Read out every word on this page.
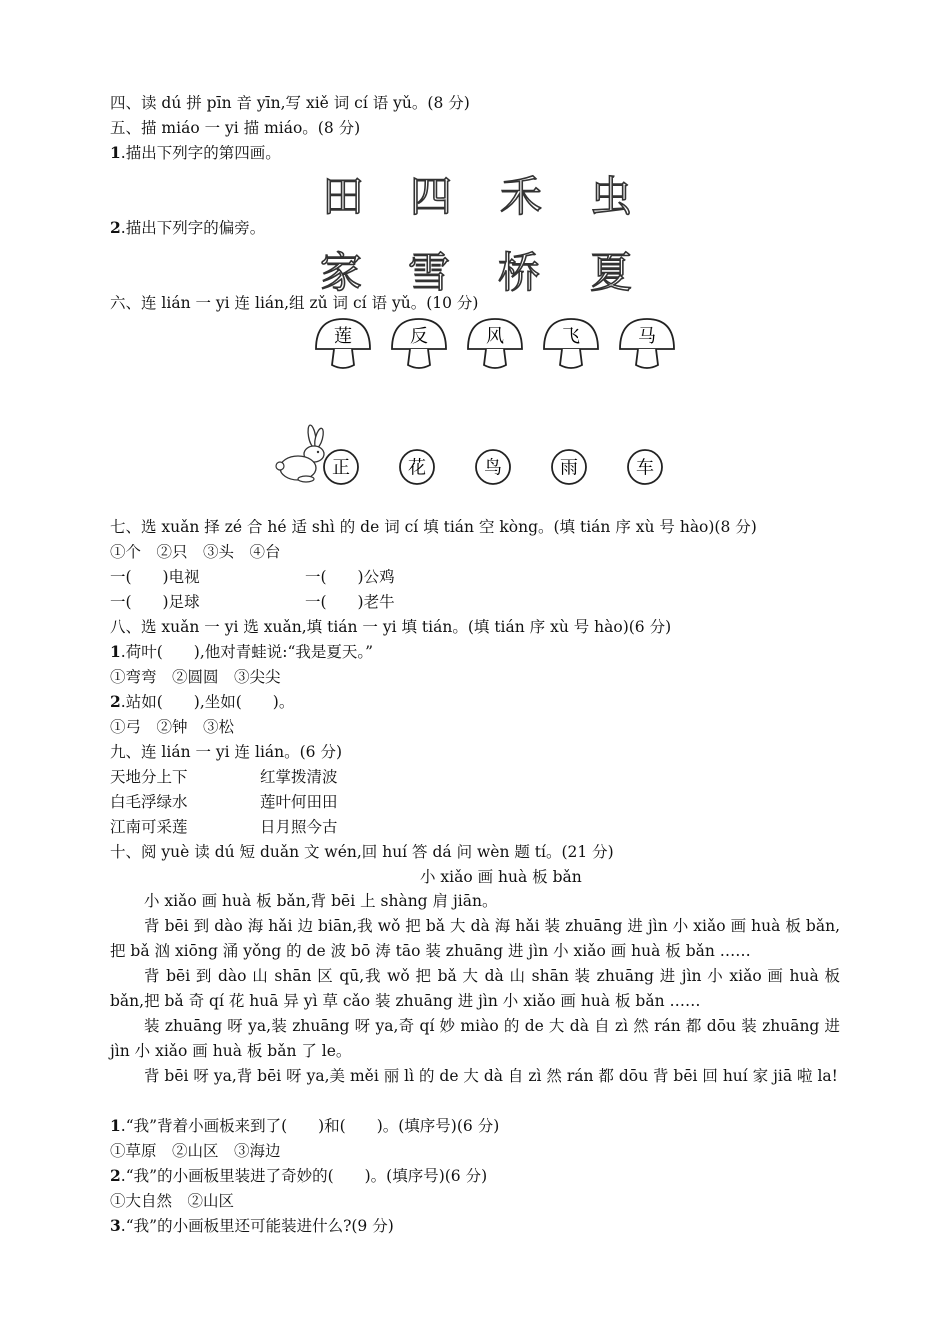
四、读 dú 拼 pīn 音 yīn,写 xiě 词 cí 语 yǔ。(8 分)
五、描 miáo 一 yi 描 miáo。(8 分)
1.描出下列字的第四画。
田 四 禾 虫
2.描出下列字的偏旁。
家 雪 桥 夏
六、连 lián 一 yi 连 lián,组 zǔ 词 cí 语 yǔ。(10 分)
莲	反	风	飞	马
正	花	鸟	雨	车
七、选 xuǎn 择 zé 合 hé 适 shì 的 de 词 cí 填 tián 空 kòng。(填 tián 序 xù 号 hào)(8 分)
①个　②只　③头　④台
一(　　)电视	一(　　)公鸡
一(　　)足球	一(　　)老牛
八、选 xuǎn 一 yi 选 xuǎn,填 tián 一 yi 填 tián。(填 tián 序 xù 号 hào)(6 分)
1.荷叶(　　),他对青蛙说:“我是夏天。”
①弯弯　②圆圆　③尖尖
2.站如(　　),坐如(　　)。
①弓　②钟　③松
九、连 lián 一 yi 连 lián。(6 分)
天地分上下	红掌拨清波
白毛浮绿水	莲叶何田田
江南可采莲	日月照今古
十、阅 yuè 读 dú 短 duǎn 文 wén,回 huí 答 dá 问 wèn 题 tí。(21 分)
小 xiǎo 画 huà 板 bǎn

小 xiǎo 画 huà 板 bǎn,背 bēi 上 shàng 肩 jiān。

背 bēi 到 dào 海 hǎi 边 biān,我 wǒ 把 bǎ 大 dà 海 hǎi 装 zhuāng 进 jìn 小 xiǎo 画 huà 板 bǎn,把 bǎ 汹 xiōng 涌 yǒng 的 de 波 bō 涛 tāo 装 zhuāng 进 jìn 小 xiǎo 画 huà 板 bǎn ……

背 bēi 到 dào 山 shān 区 qū,我 wǒ 把 bǎ 大 dà 山 shān 装 zhuāng 进 jìn 小 xiǎo 画 huà 板 bǎn,把 bǎ 奇 qí 花 huā 异 yì 草 cǎo 装 zhuāng 进 jìn 小 xiǎo 画 huà 板 bǎn ……

装 zhuāng 呀 ya,装 zhuāng 呀 ya,奇 qí 妙 miào 的 de 大 dà 自 zì 然 rán 都 dōu 装 zhuāng 进 jìn 小 xiǎo 画 huà 板 bǎn 了 le。

背 bēi 呀 ya,背 bēi 呀 ya,美 měi 丽 lì 的 de 大 dà 自 zì 然 rán 都 dōu 背 bēi 回 huí 家 jiā 啦 la!

1.“我”背着小画板来到了(　　)和(　　)。(填序号)(6 分)
①草原　②山区　③海边
2.“我”的小画板里装进了奇妙的(　　)。(填序号)(6 分)
①大自然　②山区
3.“我”的小画板里还可能装进什么?(9 分)
